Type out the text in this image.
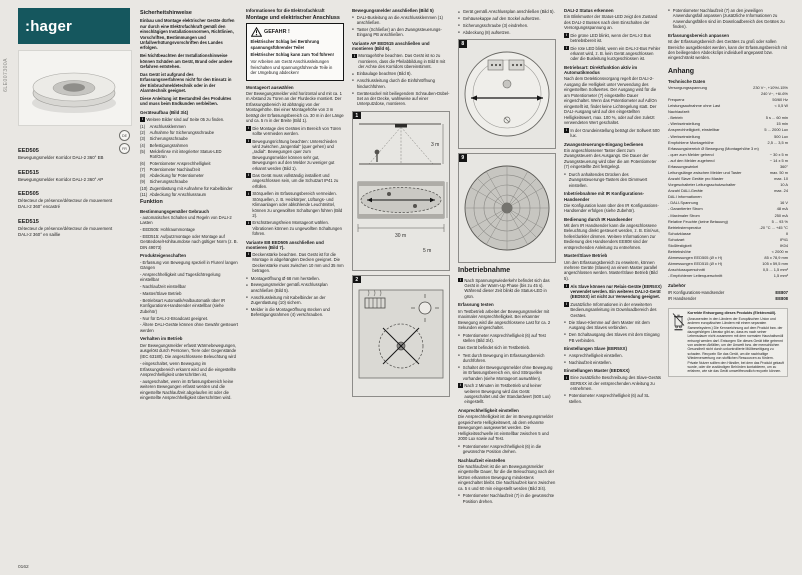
6LE007300A
:hager
DE
FR
EED505
Bewegungsmelder Korridor DALI-2 360° EB
EED515
Bewegungsmelder Korridor DALI-2 360° AP
EED505
Détecteur de présence/détecteur de mouvement DALI-2 360° encastré
EED515
Détecteur de présence/détecteur de mouvement DALI-2 360° en saillie
0162
Sicherheitshinweise

Einbau und Montage elektrischer Geräte dürfen nur durch eine Elektrofachkraft gemäß den einschlägigen Installationsnormen, Richtlinien, Vorschriften, Bestimmungen und Unfallverhütungsvorschriften des Landes erfolgen.

Bei Nichtbeachten der Installationshinweise können Schäden am Gerät, Brand oder andere Gefahren entstehen.

Das Gerät ist aufgrund des Erfassungsverfahrens nicht für den Einsatz in der Einbruchmeldetechnik oder in der Alarmtechnik geeignet.

Diese Anleitung ist Bestandteil des Produktes und muss beim Endkunden verbleiben.

Geräteaufbau (Bild 3/4)
i Weitere Bilder sind auf Seite 05 zu finden.
(1)	Anschlussklemmen
(2)	Aufnahme für Sicherungsschraube
(3)	Sicherungsschraube
(4)	Befestigungsrahmen
(5)	Melderlinse mit integrierter Status-LED Rot/Grün
(6)	Potentiometer Ansprechhelligkeit
(7)	Potentiometer Nachlaufzeit
(8)	Abdeckung für Potentiometer
(9)	Sicherungsschraube
(10) Zugentlastung mit Aufnahme für Kabelbinder
(11) Abdeckung für Anschlussraum
Funktion
Bestimmungsgemäßer Gebrauch
- automatisches Schalten und Regeln von DALI-2 Lasten
- EED505: Hohlraummontage
- EED515: Aufputzmontage oder Montage auf Gerätedose/Hohlraumdose nach gültiger Norm (z. B. DIN 49073)
Produkteigenschaften
- Erfassung von Bewegung speziell in Fluren/ langen Gängen
- Ansprechhelligkeit und Tageslichtregelung einstellbar
- Nachlaufzeit einstellbar
- Master/Slave Betrieb
- Betriebsart Automatik/Halbautomatik über IR Konfigurations-Handsender einstellbar (siehe Zubehör)
- Nur für DALI-2-Broadcast geeignet.
- Ältere DALI-Geräte können ohne Gewähr gesteuert werden
Verhalten im Betrieb

Der Bewegungsmelder erfasst Wärmebewegungen, ausgelöst durch Personen, Tiere oder Gegenstände (IEC 63180). Die angeschlossene Beleuchtung wird

- eingeschaltet, wenn Bewegung im Erfassungsbereich erkannt wird und die eingestellte Ansprechhelligkeit unterschritten ist,
- ausgeschaltet, wenn im Erfassungsbereich keine weiteren Bewegungen erfasst werden und die eingestellte Nachlaufzeit abgelaufen ist oder die eingestellte Ansprechhelligkeit überschritten wird.
Informationen für die Elektrofachkraft
Montage und elektrischer Anschluss
GEFAHR !
Elektrischer Schlag bei Berührung spannungsführender Teile!
Elektrischer Schlag kann zum Tod führen!
Vor Arbeiten am Gerät Anschlussleitungen freischalten und spannungsführende Teile in der Umgebung abdecken!
Montageort auswählen

Der Bewegungsmelder wird horizontal und mit ca. 1 m Abstand zu Türen an der Flurdecke montiert. Der Erfassungsbereich ist abhängig von der Montagehöhe. Bei einer Montagehöhe von 3 m beträgt der Erfassungsbereich ca. 30 m in der Länge und ca. 5 m in der Breite (Bild 1).

i Die Montage des Gerätes im Bereich von Türen sollte vermieden werden.
i Bewegungsrichtung beachten: Unterschieden wird zwischen „tangential“ (quer gehen) und „radial“. Bewegungen quer zum Bewegungsmelder können sehr gut, Bewegungen auf den Melder zu weniger gut erkannt werden (Bild 1).
i Das Gerät muss vollständig installiert und angeschlossen sein, um die Schutzart IP41 zu erfüllen.
i Störquellen im Erfassungsbereich vermeiden. Störquellen, z. B. Heizkörper, Lüftungs- und Klimaanlagen oder abkühlende Leuchtmittel, können zu ungewollten Schaltungen führen (Bild 2).
i Erschütterungsfreien Montageort wählen. Vibrationen können zu ungewollten Schaltungen führen.
Variante EB EED505 anschließen und montieren (Bild 7).
i Deckenstärke beachten. Das Gerät ist für die Montage in abgehängten Decken geeignet. Die Deckenstärke muss zwischen 10 mm und 35 mm betragen.
● Montageöffnung Ø 68 mm herstellen.
● Bewegungsmelder gemäß Anschlussplan anschließen (Bild 5).
● Anschlussleitung mit Kabelbinder an der Zugentlastung (10) sichern.
● Melder in die Montageöffnung stecken und Befestigungsrahmen (4) verschrauben.
Bewegungsmelder anschließen (Bild 5)
● DALI-Busleitung an die Anschlussklemmen (1) anschließen.
● Taster (Schließer) an den Zwangssteuerungs-Eingang PB anschließen.
Variante AP EED515 anschließen und montieren (Bild 6).
i Montagehöhe beachten. Das Gerät ist so zu montieren, dass die Pfeilabbildung in Bild 8 mit der Achse des Korridors übereinstimmt.
● Einbaulage beachten (Bild 8).
● Anschlussleitung durch die Einführöffnung hindurchführen.
● Gerätesockel mit beiliegendem Schrauben-Dübel-Set an der Decke, wahlweise auf einer Unterputzdose, montieren.
1
3 m
30 m
5 m
2
● Gerät gemäß Anschlussplan anschließen (Bild 5).
● Gehäusekappe auf den Sockel aufsetzen.
● Sicherungsschraube (3) eindrehen.
● Abdeckung (8) aufsetzen.
8
9
Inbetriebnahme
i Nach Spannungswiederkehr befindet sich das Gerät in der Warm-Up Phase (bis zu 45 s). Während dieser Zeit blinkt die Status-LED in grün.
Erfassung testen

Im Testbetrieb arbeitet der Bewegungsmelder mit maximaler Ansprechhelligkeit. Bei erkannter Bewegung wird die angeschlossene Last für ca. 2 Sekunden eingeschaltet.

● Potentiometer Ansprechhelligkeit (6) auf Test stellen (Bild 3/4).

Das Gerät befindet sich im Testbetrieb.

● Test durch Bewegung im Erfassungsbereich durchführen.
● Schaltet der Bewegungsmelder ohne Bewegung im Erfassungsbereich ein, sind Störquellen vorhanden (siehe Montageort auswählen).
i Nach 2 Minuten im Testbetrieb und keiner weiteren Bewegung wird das Gerät ausgeschaltet und der Standardwert (500 Lux) eingestellt.
Ansprechhelligkeit einstellen

Die Ansprechhelligkeit ist der im Bewegungsmelder gespeicherte Helligkeitswert, ab dem erkannte Bewegungen ausgewertet werden. Die Helligkeitsschwelle ist einstellbar zwischen 5 und 2000 Lux sowie auf Test.

● Potentiometer Ansprechhelligkeit (6) in die gewünschte Position drehen.
Nachlaufzeit einstellen

Die Nachlaufzeit ist die am Bewegungsmelder eingestellte Dauer, für die die Beleuchtung nach der letzten erkannten Bewegung mindestens eingeschaltet bleibt. Die Nachlaufzeit kann zwischen ca. 5 s und 60 min eingestellt werden (Bild 3/4).

● Potentiometer Nachlaufzeit (7) in die gewünschte Position drehen.
DALI-2 Status erkennen

Ein Blinkmuster der Status-LED zeigt den Zustand des DALI-2 Busses nach dem Einschalten der Versorgungsspannung an.

i Die grüne LED blinkt, wenn der DALI-2 Bus betriebsbereit ist.
i Die rote LED blinkt, wenn ein DALI-2-Bus Fehler erkannt wird, z. B. kein Gerät angeschlossen oder die Busleitung kurzgeschlossen ist.
Betriebsart: Direktfunktion aktiv im Automatikmodus

Nach dem Detektionsvorgang regelt der DALI-2-Ausgang die Helligkeit unter Verwendung des eingestellten Sollwertes. Der Ausgang wird für die am Potentiometer (7) eingestellte Dauer eingeschaltet. Wenn das Potentiometer auf Ad/On eingestellt ist, findet keine Lichtregelung statt. Der DALI-Ausgang wird auf den eingestellten Helligkeitswert, max. 100 %, oder auf den zuletzt verwendeten Wert geschaltet.

i In der Grundeinstellung beträgt der Sollwert 500 lux.
Zwangssteuerungs-Eingang bedienen

Ein angeschlossener Taster dient zum Zwangssteuern des Ausgangs. Die Dauer der Zwangssteuerung wird über die am Potentiometer (7) eingestellte Zeit festgelegt.

● Durch anhaltendes Drücken des Zwangssteuerungs-Tasters den Dimmwert einstellen.
Inbetriebnahme mit IR Konfigurations-Handsender

Die Konfiguration kann über den IR Konfigurations-Handsender erfolgen (siehe Zubehör).

Bedienung durch IR Handsender

Mit dem IR Handsender kann die angeschlossene Beleuchtung direkt gesteuert werden, z. B. Ein/Aus, heller/dunkler dimmen. Weitere Informationen zur Bedienung des Handsenders EE808 sind der entsprechenden Anleitung zu entnehmen.

Master/Slave Betrieb

Um den Erfassungsbereich zu erweitern, können mehrere Geräte (Slaves) an einem Master parallel angeschlossen werden. Master/Slave Betrieb (Bild 5).

i Als Slave können nur Relais-Geräte (EER5XX) verwendet werden. Ein weiteres DALI-2-Gerät (EED5XX) ist nicht zur Verwendung geeignet.
i Zusätzliche Informationen in der erweiterten Bedienungsanleitung im Downloadbereich des Gerätes.
● Die Slave-Klemme auf dem Master mit dem Ausgang des Slaves verbinden.
● Den Schaltausgang des Slaves mit dem Eingang PB verbinden.
Einstellungen Slave (EER5XX)
● Ansprechhelligkeit einstellen.
● Nachlaufzeit einstellen.
Einstellungen Master (EED5XX)
i Eine zusätzliche Beschreibung des Slave-Geräts EER5XX ist der entsprechenden Anleitung zu entnehmen.
● Potentiometer Ansprechhelligkeit (6) auf SL stellen.
● Potentiometer Nachlaufzeit (7) an den jeweiligen Anwendungsfall anpassen (zusätzliche Informationen zu Anwendungsfällen sind im Downloadbereich des Gerätes zu finden).
Erfassungsbereich anpassen

Ist der Erfassungsbereich des Gerätes zu groß oder sollen Bereiche ausgeblendet werden, kann der Erfassungsbereich mit den beiliegenden Abdeckclips individuell angepasst bzw. eingeschränkt werden.

Anhang
Technische Daten
Versorgungsspannung	230 V~, +10%/-15%
240 V~, +6/-6%
Frequenz	50/60 Hz
Leistungsaufnahme ohne Last	< 0,5 W
Nachlaufzeit
- Betrieb	5 s ... 60 min
- Werkseinstellung	15 min
Ansprechhelligkeit, einstellbar	5 ... 2000 Lux
- Werkseinstellung	500 Lux
Empfohlene Montagehöhe	2,5 ... 3,5 m
Erfassungsbereich Ø Bewegung (Montagehöhe 3 m)
- quer zum Melder gehend	~ 30 x 5 m
- auf den Melder zugehend	~ 14 x 5 m
Erfassungswinkel	360°
Leitungslänge zwischen Melder und Taster	max. 50 m
Anzahl Slave Geräte pro Master	max. 10
Vorgeschalteter Leitungsschutzschalter	10 A
Anzahl DALI-Geräte	max. 24
DALI Informationen
- DALI-Spannung	16 V
- Garantierter Strom	48 mA
- Maximaler Strom	250 mA
Relative Feuchte (keine Betauung)	5 ... 93 %
Betriebstemperatur	-20 °C ... +45 °C
Schutzklasse	II
Schutzart	IP41
Stoßfestigkeit	IK04
Betriebshöhe	< 2000 m
Abmessungen EED505 (Ø x H)	85 x 78,9 mm
Abmessungen EED515 (Ø x H)	105 x 59,5 mm
Anschlussquerschnitt	0,5 ... 1,5 mm²
- Empfohlener Leiterquerschnitt	1,5 mm²
Zubehör
IR Konfigurations-Handsender	EE807
IR Handsender	EE808
Korrekte Entsorgung dieses Produkts (Elektromüll).
(Anzuwenden in den Ländern der Europäischen Union und anderen europäischen Ländern mit einem separaten Sammelsystem.) Die Kennzeichnung auf dem Produkt bzw. der dazugehörigen Literatur gibt an, dass es nach seiner Lebensdauer nicht zusammen mit dem normalen Haushaltsmüll entsorgt werden darf. Entsorgen Sie dieses Gerät bitte getrennt von anderen Abfällen, um der Umwelt bzw. der menschlichen Gesundheit nicht durch unkontrollierte Müllbeseitigung zu schaden. Recyceln Sie das Gerät, um die nachhaltige Wiederverwertung von stofflichen Ressourcen zu fördern. Private Nutzer sollten den Händler, bei dem das Produkt gekauft wurde, oder die zuständigen Behörden kontaktieren, um zu erfahren, wie sie das Gerät umweltfreundlich recyceln können.
